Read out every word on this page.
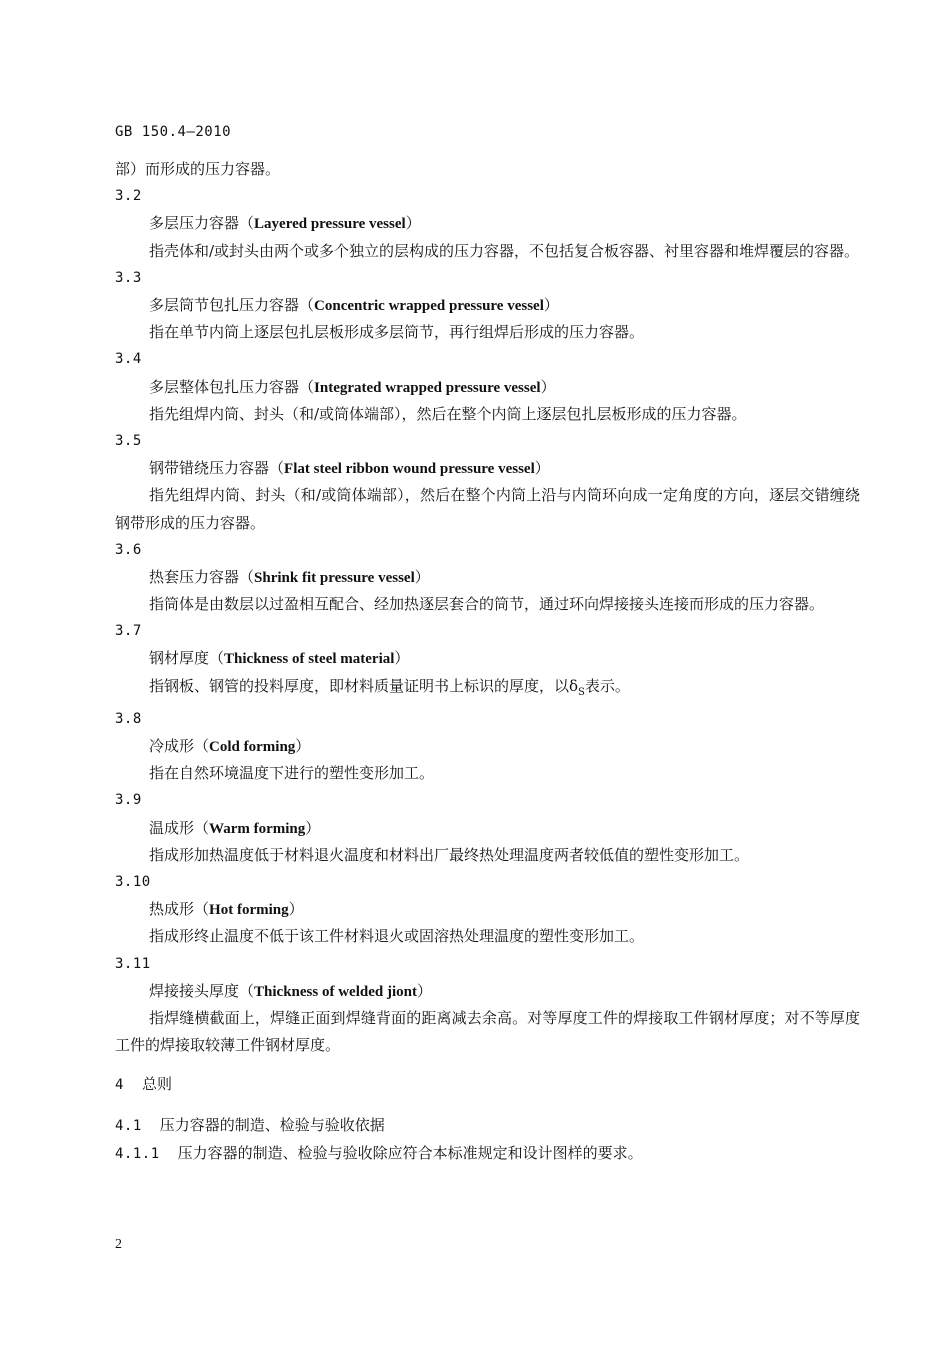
GB 150.4—2010
部）而形成的压力容器。
3.2
多层压力容器（Layered pressure vessel）
指壳体和/或封头由两个或多个独立的层构成的压力容器，不包括复合板容器、衬里容器和堆焊覆层的容器。
3.3
多层筒节包扎压力容器（Concentric wrapped pressure vessel）
指在单节内筒上逐层包扎层板形成多层筒节，再行组焊后形成的压力容器。
3.4
多层整体包扎压力容器（Integrated wrapped pressure vessel）
指先组焊内筒、封头（和/或筒体端部），然后在整个内筒上逐层包扎层板形成的压力容器。
3.5
钢带错绕压力容器（Flat steel ribbon wound pressure vessel）
指先组焊内筒、封头（和/或筒体端部），然后在整个内筒上沿与内筒环向成一定角度的方向，逐层交错缠绕钢带形成的压力容器。
3.6
热套压力容器（Shrink fit pressure vessel）
指筒体是由数层以过盈相互配合、经加热逐层套合的筒节，通过环向焊接接头连接而形成的压力容器。
3.7
钢材厚度（Thickness of steel material）
指钢板、钢管的投料厚度，即材料质量证明书上标识的厚度，以$\delta_S$表示。
3.8
冷成形（Cold forming）
指在自然环境温度下进行的塑性变形加工。
3.9
温成形（Warm forming）
指成形加热温度低于材料退火温度和材料出厂最终热处理温度两者较低值的塑性变形加工。
3.10
热成形（Hot forming）
指成形终止温度不低于该工件材料退火或固溶热处理温度的塑性变形加工。
3.11
焊接接头厚度（Thickness of welded jiont）
指焊缝横截面上，焊缝正面到焊缝背面的距离减去余高。对等厚度工件的焊接取工件钢材厚度；对不等厚度工件的焊接取较薄工件钢材厚度。
4 总则
4.1 压力容器的制造、检验与验收依据
4.1.1 压力容器的制造、检验与验收除应符合本标准规定和设计图样的要求。
2
